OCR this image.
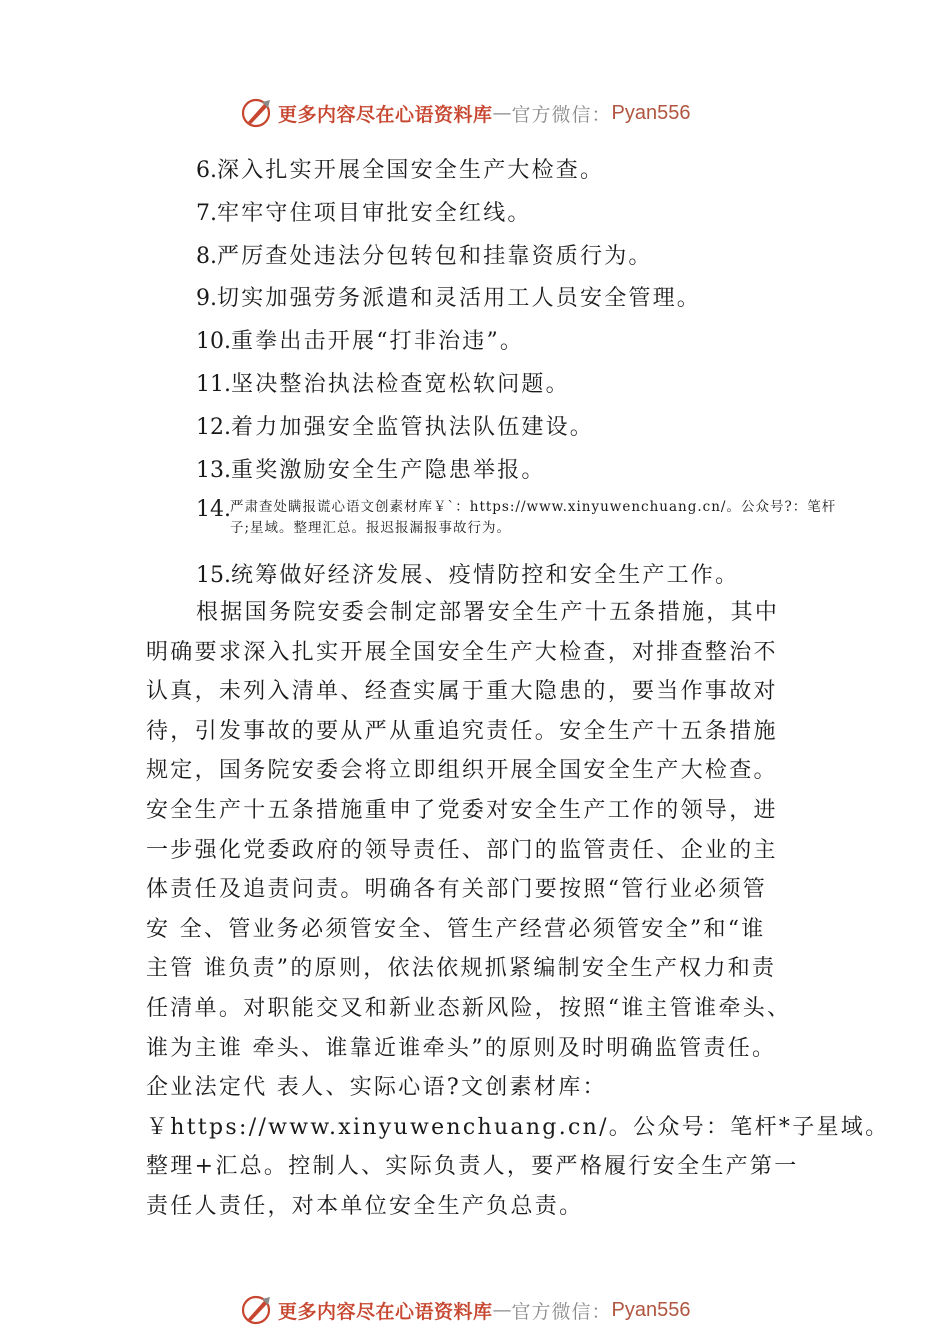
更多内容尽在心语资料库 — 官方微信： Pyan556
6.深入扎实开展全国安全生产大检查。
7.牢牢守住项目审批安全红线。
8.严厉查处违法分包转包和挂靠资质行为。
9.切实加强劳务派遣和灵活用工人员安全管理。
10.重拳出击开展“打非治违”。
11.坚决整治执法检查宽松软问题。
12.着力加强安全监管执法队伍建设。
13.重奖激励安全生产隐患举报。
14. 严肃查处瞒报谎心语文创素材库￥`：https://www.xinyuwenchuang.cn/。公众号?：笔杆子;星域。整理汇总。报迟报漏报事故行为。
15.统筹做好经济发展、疫情防控和安全生产工作。
根据国务院安委会制定部署安全生产十五条措施，其中
明确要求深入扎实开展全国安全生产大检查，对排查整治不
认真，未列入清单、经查实属于重大隐患的，要当作事故对
待，引发事故的要从严从重追究责任。安全生产十五条措施
规定，国务院安委会将立即组织开展全国安全生产大检查。
安全生产十五条措施重申了党委对安全生产工作的领导，进
一步强化党委政府的领导责任、部门的监管责任、企业的主
体责任及追责问责。明确各有关部门要按照“管行业必须管
安 全、管业务必须管安全、管生产经营必须管安全”和“谁
主管 谁负责”的原则，依法依规抓紧编制安全生产权力和责
任清单。对职能交叉和新业态新风险，按照“谁主管谁牵头、
谁为主谁 牵头、谁靠近谁牵头”的原则及时明确监管责任。
企业法定代 表人、实际心语?文创素材库：
￥https://www.xinyuwenchuang.cn/。公众号：笔杆*子星域。
整理+汇总。控制人、实际负责人，要严格履行安全生产第一
责任人责任，对本单位安全生产负总责。
更多内容尽在心语资料库 — 官方微信： Pyan556
